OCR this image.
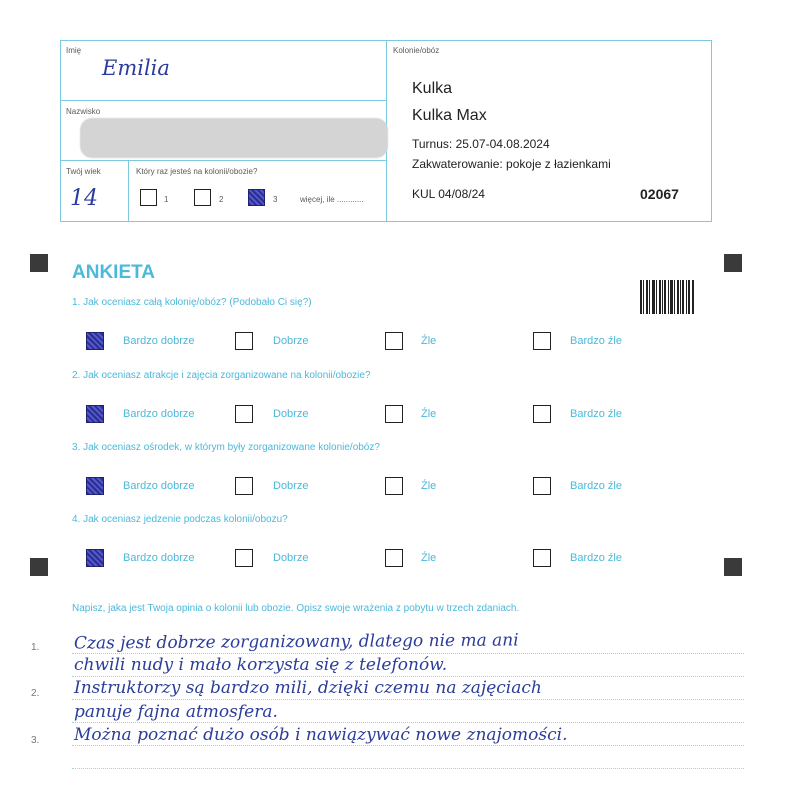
Imię
Emilia
Nazwisko
Twój wiek
14
Który raz jesteś na kolonii/obozie?
1	2	3	więcej, ile ............
Kolonie/obóz
Kulka
Kulka Max
Turnus: 25.07-04.08.2024
Zakwaterowanie: pokoje z łazienkami
KUL 04/08/24	02067
ANKIETA
1. Jak oceniasz całą kolonię/obóz? (Podobało Ci się?)
Bardzo dobrze	Dobrze	Źle	Bardzo źle
2. Jak oceniasz atrakcje i zajęcia zorganizowane na kolonii/obozie?
Bardzo dobrze	Dobrze	Źle	Bardzo źle
3. Jak oceniasz ośrodek, w którym były zorganizowane kolonie/obóz?
Bardzo dobrze	Dobrze	Źle	Bardzo źle
4. Jak oceniasz jedzenie podczas kolonii/obozu?
Bardzo dobrze	Dobrze	Źle	Bardzo źle
Napisz, jaka jest Twoja opinia o kolonii lub obozie. Opisz swoje wrażenia z pobytu w trzech zdaniach.
1.
2.
3.
Czas jest dobrze zorganizowany, dlatego nie ma ani
chwili nudy i mało korzysta się z telefonów.
Instruktorzy są bardzo mili, dzięki czemu na zajęciach
panuje fajna atmosfera.
Można poznać dużo osób i nawiązywać nowe znajomości.
